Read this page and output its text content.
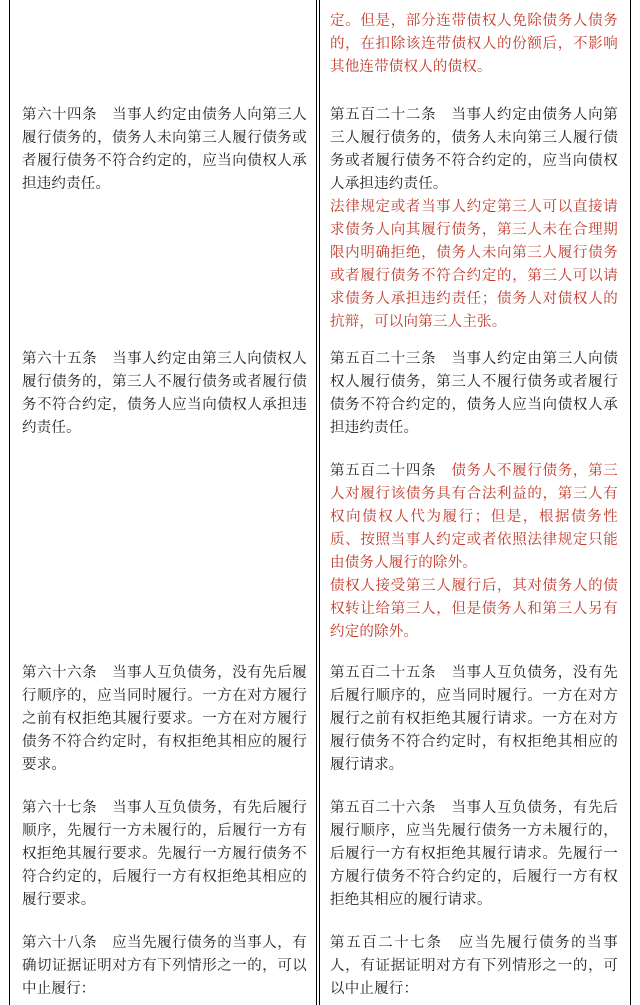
第六十四条　当事人约定由债务人向第三人履行债务的，债务人未向第三人履行债务或者履行债务不符合约定的，应当向债权人承担违约责任。

第六十五条　当事人约定由第三人向债权人履行债务的，第三人不履行债务或者履行债务不符合约定，债务人应当向债权人承担违约责任。

第六十六条　当事人互负债务，没有先后履行顺序的，应当同时履行。一方在对方履行之前有权拒绝其履行要求。一方在对方履行债务不符合约定时，有权拒绝其相应的履行要求。

第六十七条　当事人互负债务，有先后履行顺序，先履行一方未履行的，后履行一方有权拒绝其履行要求。先履行一方履行债务不符合约定的，后履行一方有权拒绝其相应的履行要求。

第六十八条　应当先履行债务的当事人，有确切证据证明对方有下列情形之一的，可以中止履行：

定。但是，部分连带债权人免除债务人债务的，在扣除该连带债权人的份额后，不影响其他连带债权人的债权。

第五百二十二条　当事人约定由债务人向第三人履行债务的，债务人未向第三人履行债务或者履行债务不符合约定的，应当向债权人承担违约责任。

法律规定或者当事人约定第三人可以直接请求债务人向其履行债务，第三人未在合理期限内明确拒绝，债务人未向第三人履行债务或者履行债务不符合约定的，第三人可以请求债务人承担违约责任；债务人对债权人的抗辩，可以向第三人主张。

第五百二十三条　当事人约定由第三人向债权人履行债务，第三人不履行债务或者履行债务不符合约定的，债务人应当向债权人承担违约责任。

第五百二十四条　债务人不履行债务，第三人对履行该债务具有合法利益的，第三人有权向债权人代为履行；但是，根据债务性质、按照当事人约定或者依照法律规定只能由债务人履行的除外。

债权人接受第三人履行后，其对债务人的债权转让给第三人，但是债务人和第三人另有约定的除外。

第五百二十五条　当事人互负债务，没有先后履行顺序的，应当同时履行。一方在对方履行之前有权拒绝其履行请求。一方在对方履行债务不符合约定时，有权拒绝其相应的履行请求。

第五百二十六条　当事人互负债务，有先后履行顺序，应当先履行债务一方未履行的，后履行一方有权拒绝其履行请求。先履行一方履行债务不符合约定的，后履行一方有权拒绝其相应的履行请求。

第五百二十七条　应当先履行债务的当事人，有证据证明对方有下列情形之一的，可以中止履行：
